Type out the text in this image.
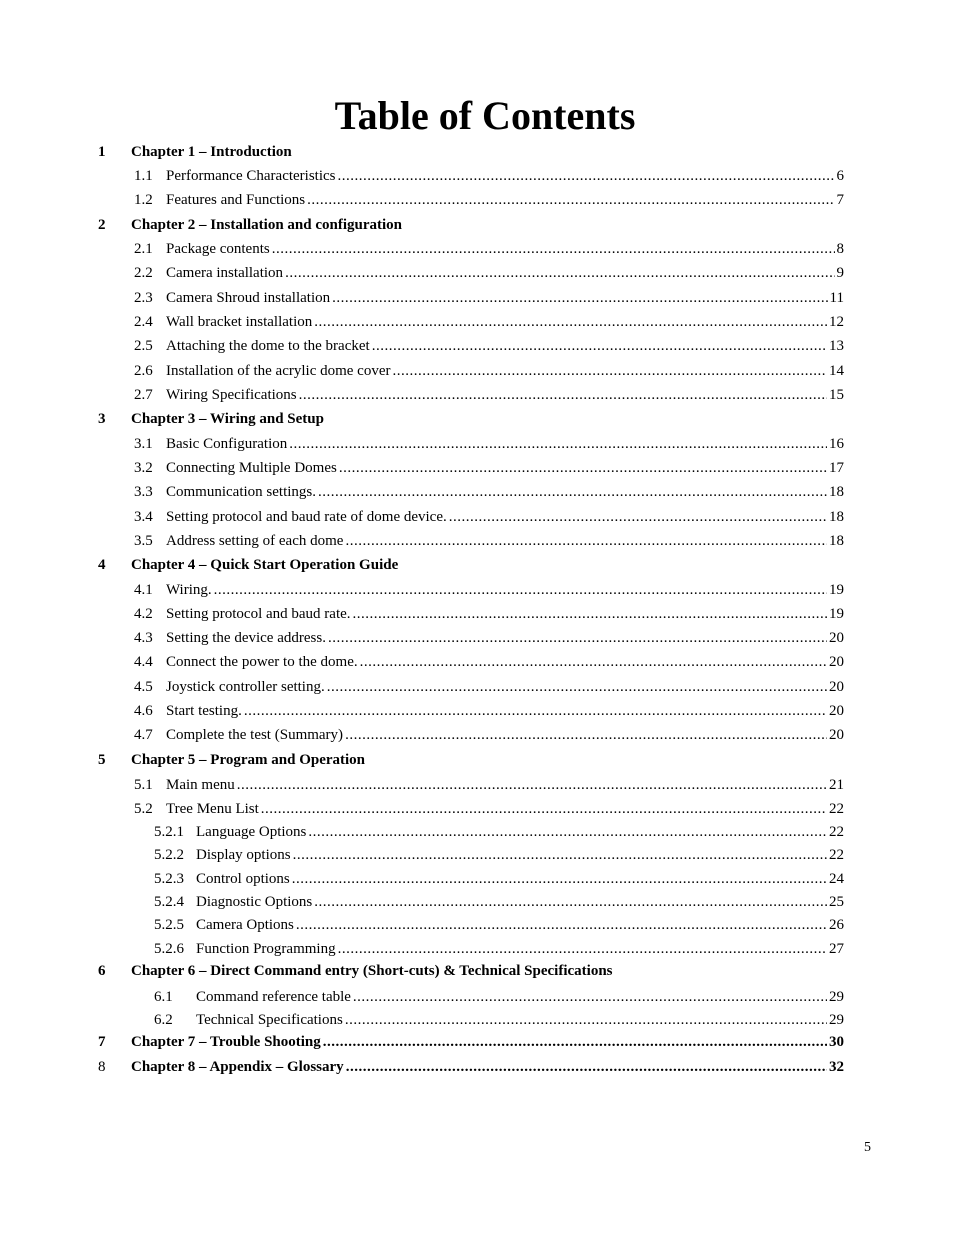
Table of Contents
1 Chapter 1 – Introduction
1.1 Performance Characteristics .....	6
1.2 Features and Functions .....	7
2 Chapter 2 – Installation and configuration
2.1 Package contents .....	8
2.2 Camera installation .....	9
2.3 Camera Shroud installation .....	11
2.4 Wall bracket installation .....	12
2.5 Attaching the dome to the bracket .....	13
2.6 Installation of the acrylic dome cover .....	14
2.7 Wiring Specifications .....	15
3 Chapter 3 – Wiring and Setup
3.1 Basic Configuration .....	16
3.2 Connecting Multiple Domes .....	17
3.3 Communication settings. .....	18
3.4 Setting protocol and baud rate of dome device. .....	18
3.5 Address setting of each dome .....	18
4 Chapter 4 – Quick Start Operation Guide
4.1 Wiring. .....	19
4.2 Setting protocol and baud rate. .....	19
4.3 Setting the device address. .....	20
4.4 Connect the power to the dome. .....	20
4.5 Joystick controller setting. .....	20
4.6 Start testing. .....	20
4.7 Complete the test (Summary) .....	20
5 Chapter 5 – Program and Operation
5.1 Main menu .....	21
5.2 Tree Menu List .....	22
5.2.1 Language Options .....	22
5.2.2 Display options .....	22
5.2.3 Control options .....	24
5.2.4 Diagnostic Options .....	25
5.2.5 Camera Options .....	26
5.2.6 Function Programming .....	27
6 Chapter 6 – Direct Command entry (Short-cuts) & Technical Specifications
6.1 Command reference table .....	29
6.2 Technical Specifications .....	29
7 Chapter 7 – Trouble Shooting .....	30
8 Chapter 8 – Appendix – Glossary .....	32
5
